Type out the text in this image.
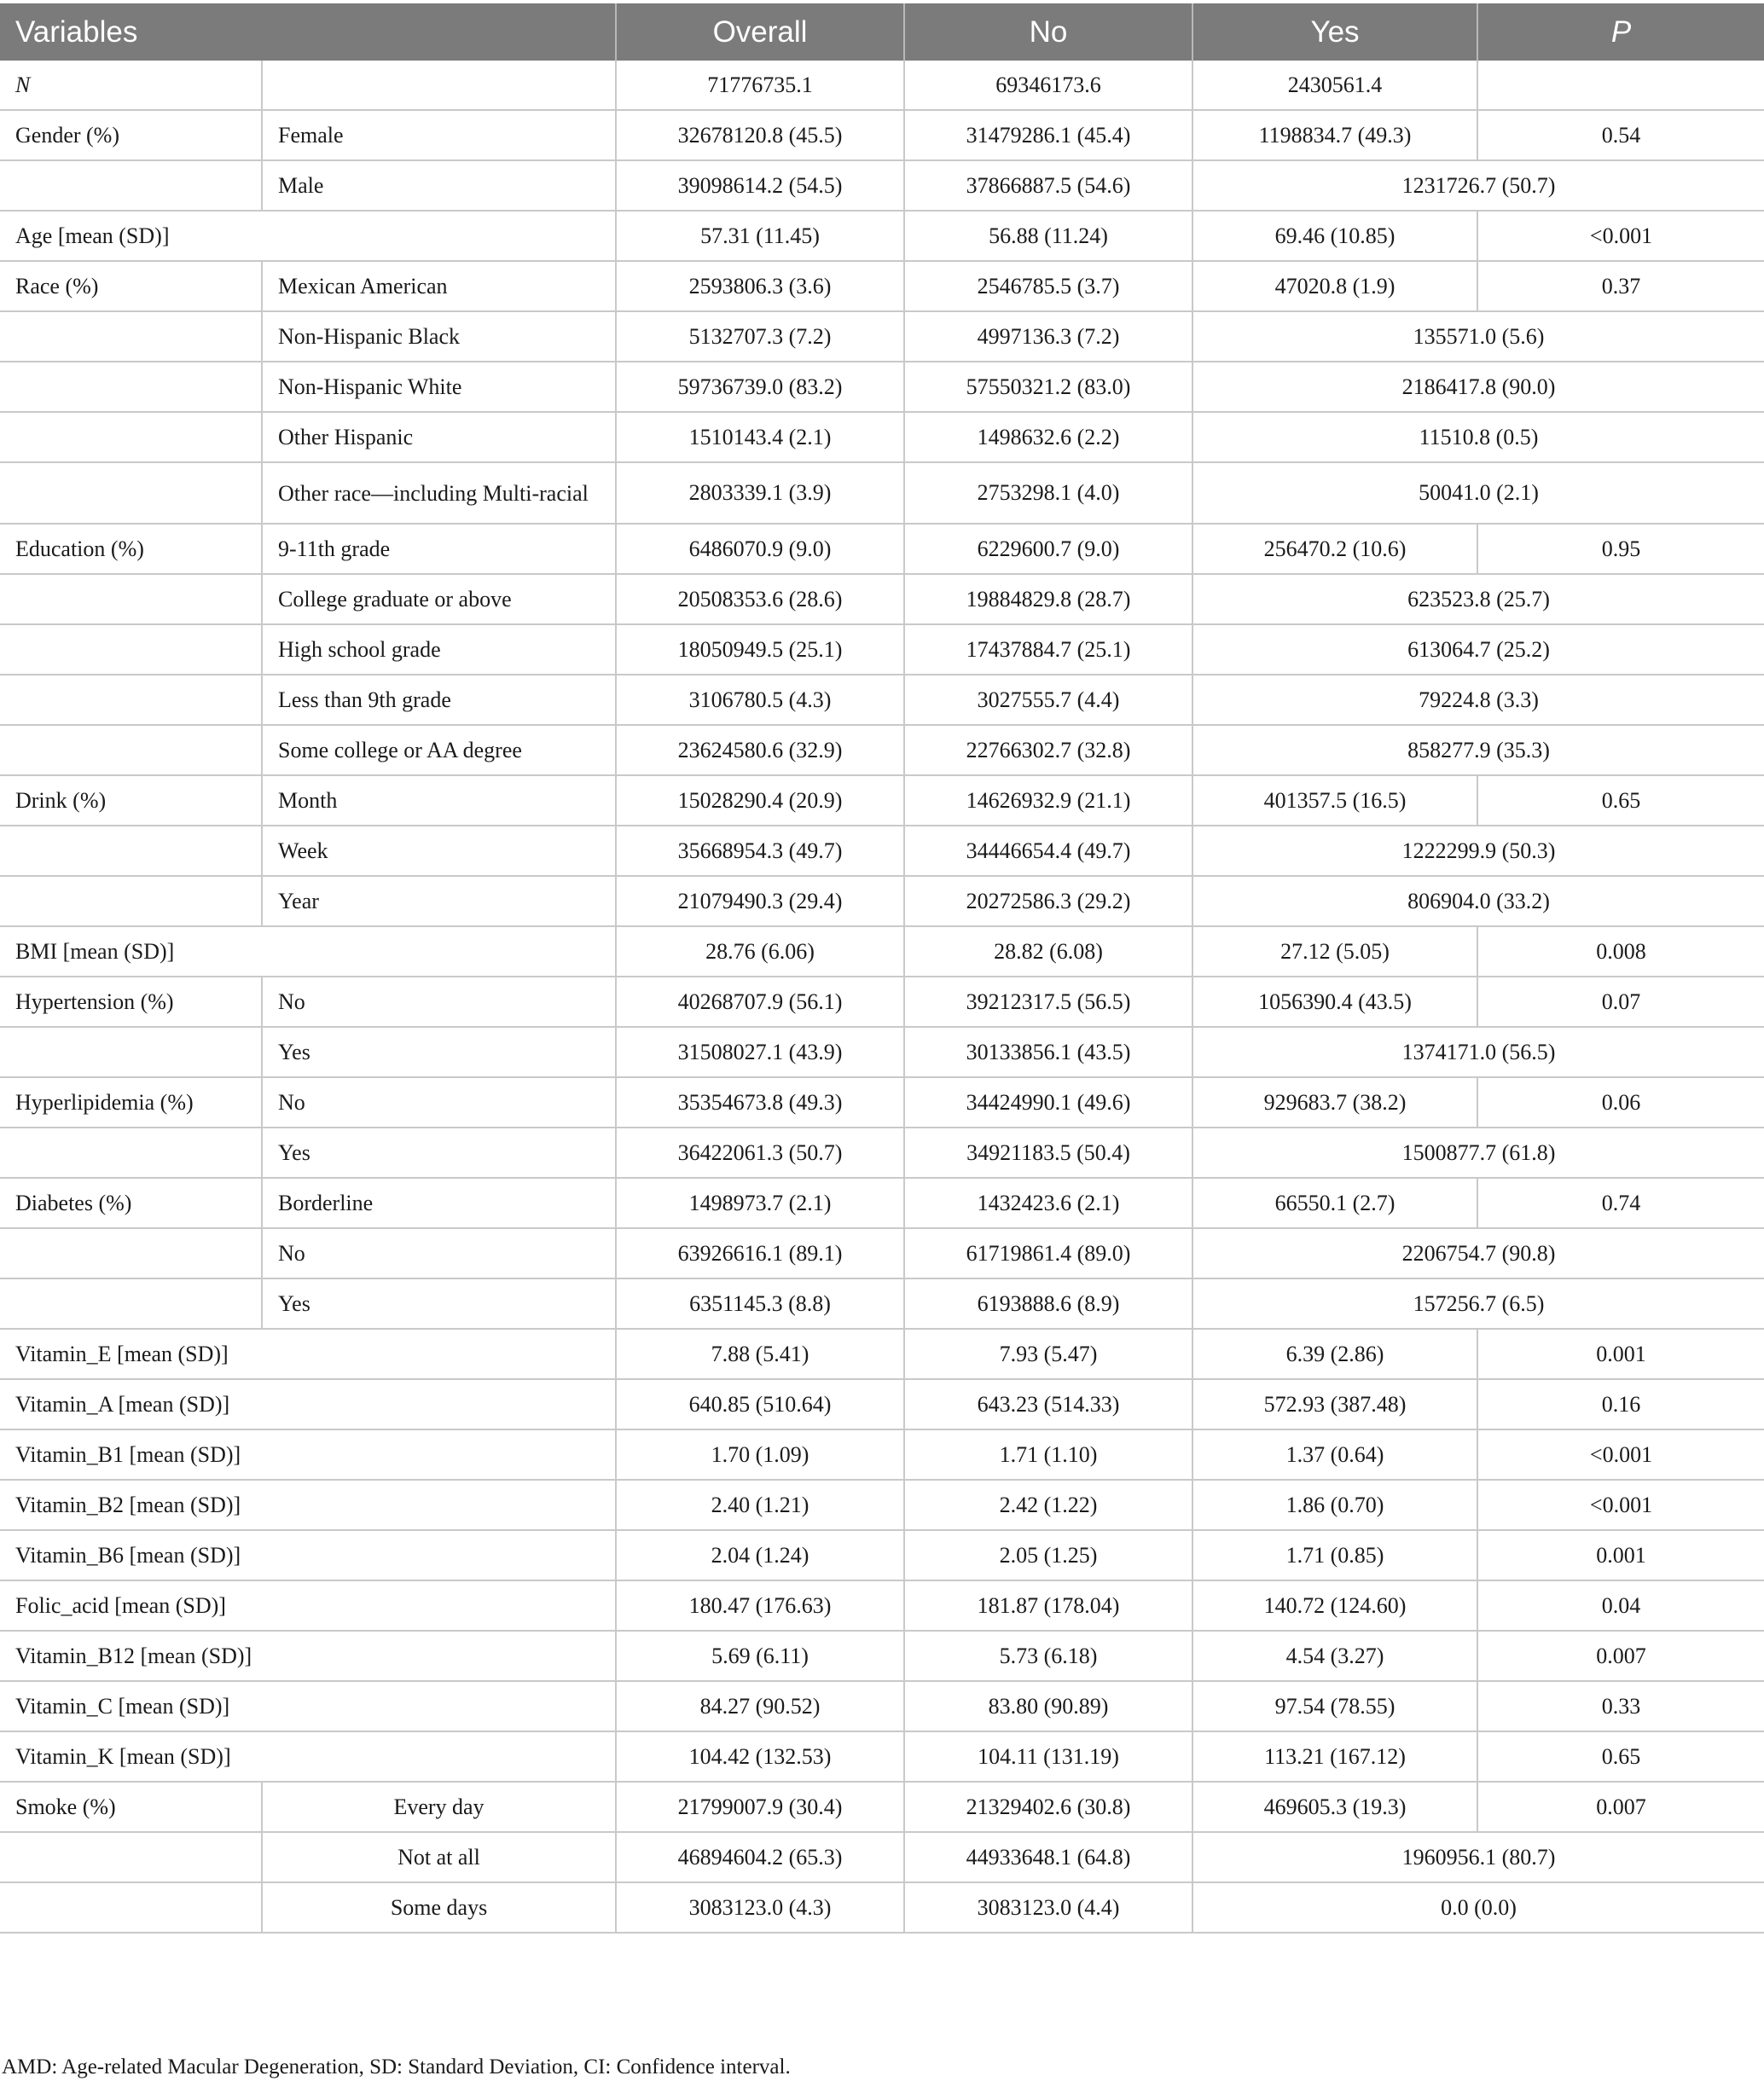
Variables		Overall	No	Yes	P
N		71776735.1	69346173.6	2430561.4	
Gender (%)	Female	32678120.8 (45.5)	31479286.1 (45.4)	1198834.7 (49.3)	0.54
	Male	39098614.2 (54.5)	37866887.5 (54.6)	1231726.7 (50.7)	
Age [mean (SD)]		57.31 (11.45)	56.88 (11.24)	69.46 (10.85)	<0.001
Race (%)	Mexican American	2593806.3 (3.6)	2546785.5 (3.7)	47020.8 (1.9)	0.37
	Non-Hispanic Black	5132707.3 (7.2)	4997136.3 (7.2)	135571.0 (5.6)	
	Non-Hispanic White	59736739.0 (83.2)	57550321.2 (83.0)	2186417.8 (90.0)	
	Other Hispanic	1510143.4 (2.1)	1498632.6 (2.2)	11510.8 (0.5)	
	Other race—including Multi-racial	2803339.1 (3.9)	2753298.1 (4.0)	50041.0 (2.1)	
Education (%)	9-11th grade	6486070.9 (9.0)	6229600.7 (9.0)	256470.2 (10.6)	0.95
	College graduate or above	20508353.6 (28.6)	19884829.8 (28.7)	623523.8 (25.7)	
	High school grade	18050949.5 (25.1)	17437884.7 (25.1)	613064.7 (25.2)	
	Less than 9th grade	3106780.5 (4.3)	3027555.7 (4.4)	79224.8 (3.3)	
	Some college or AA degree	23624580.6 (32.9)	22766302.7 (32.8)	858277.9 (35.3)	
Drink (%)	Month	15028290.4 (20.9)	14626932.9 (21.1)	401357.5 (16.5)	0.65
	Week	35668954.3 (49.7)	34446654.4 (49.7)	1222299.9 (50.3)	
	Year	21079490.3 (29.4)	20272586.3 (29.2)	806904.0 (33.2)	
BMI [mean (SD)]		28.76 (6.06)	28.82 (6.08)	27.12 (5.05)	0.008
Hypertension (%)	No	40268707.9 (56.1)	39212317.5 (56.5)	1056390.4 (43.5)	0.07
	Yes	31508027.1 (43.9)	30133856.1 (43.5)	1374171.0 (56.5)	
Hyperlipidemia (%)	No	35354673.8 (49.3)	34424990.1 (49.6)	929683.7 (38.2)	0.06
	Yes	36422061.3 (50.7)	34921183.5 (50.4)	1500877.7 (61.8)	
Diabetes (%)	Borderline	1498973.7 (2.1)	1432423.6 (2.1)	66550.1 (2.7)	0.74
	No	63926616.1 (89.1)	61719861.4 (89.0)	2206754.7 (90.8)	
	Yes	6351145.3 (8.8)	6193888.6 (8.9)	157256.7 (6.5)	
Vitamin_E [mean (SD)]		7.88 (5.41)	7.93 (5.47)	6.39 (2.86)	0.001
Vitamin_A [mean (SD)]		640.85 (510.64)	643.23 (514.33)	572.93 (387.48)	0.16
Vitamin_B1 [mean (SD)]		1.70 (1.09)	1.71 (1.10)	1.37 (0.64)	<0.001
Vitamin_B2 [mean (SD)]		2.40 (1.21)	2.42 (1.22)	1.86 (0.70)	<0.001
Vitamin_B6 [mean (SD)]		2.04 (1.24)	2.05 (1.25)	1.71 (0.85)	0.001
Folic_acid [mean (SD)]		180.47 (176.63)	181.87 (178.04)	140.72 (124.60)	0.04
Vitamin_B12 [mean (SD)]		5.69 (6.11)	5.73 (6.18)	4.54 (3.27)	0.007
Vitamin_C [mean (SD)]		84.27 (90.52)	83.80 (90.89)	97.54 (78.55)	0.33
Vitamin_K [mean (SD)]		104.42 (132.53)	104.11 (131.19)	113.21 (167.12)	0.65
Smoke (%)	Every day	21799007.9 (30.4)	21329402.6 (30.8)	469605.3 (19.3)	0.007
	Not at all	46894604.2 (65.3)	44933648.1 (64.8)	1960956.1 (80.7)	
	Some days	3083123.0 (4.3)	3083123.0 (4.4)	0.0 (0.0)	
AMD: Age-related Macular Degeneration, SD: Standard Deviation, CI: Confidence interval.
